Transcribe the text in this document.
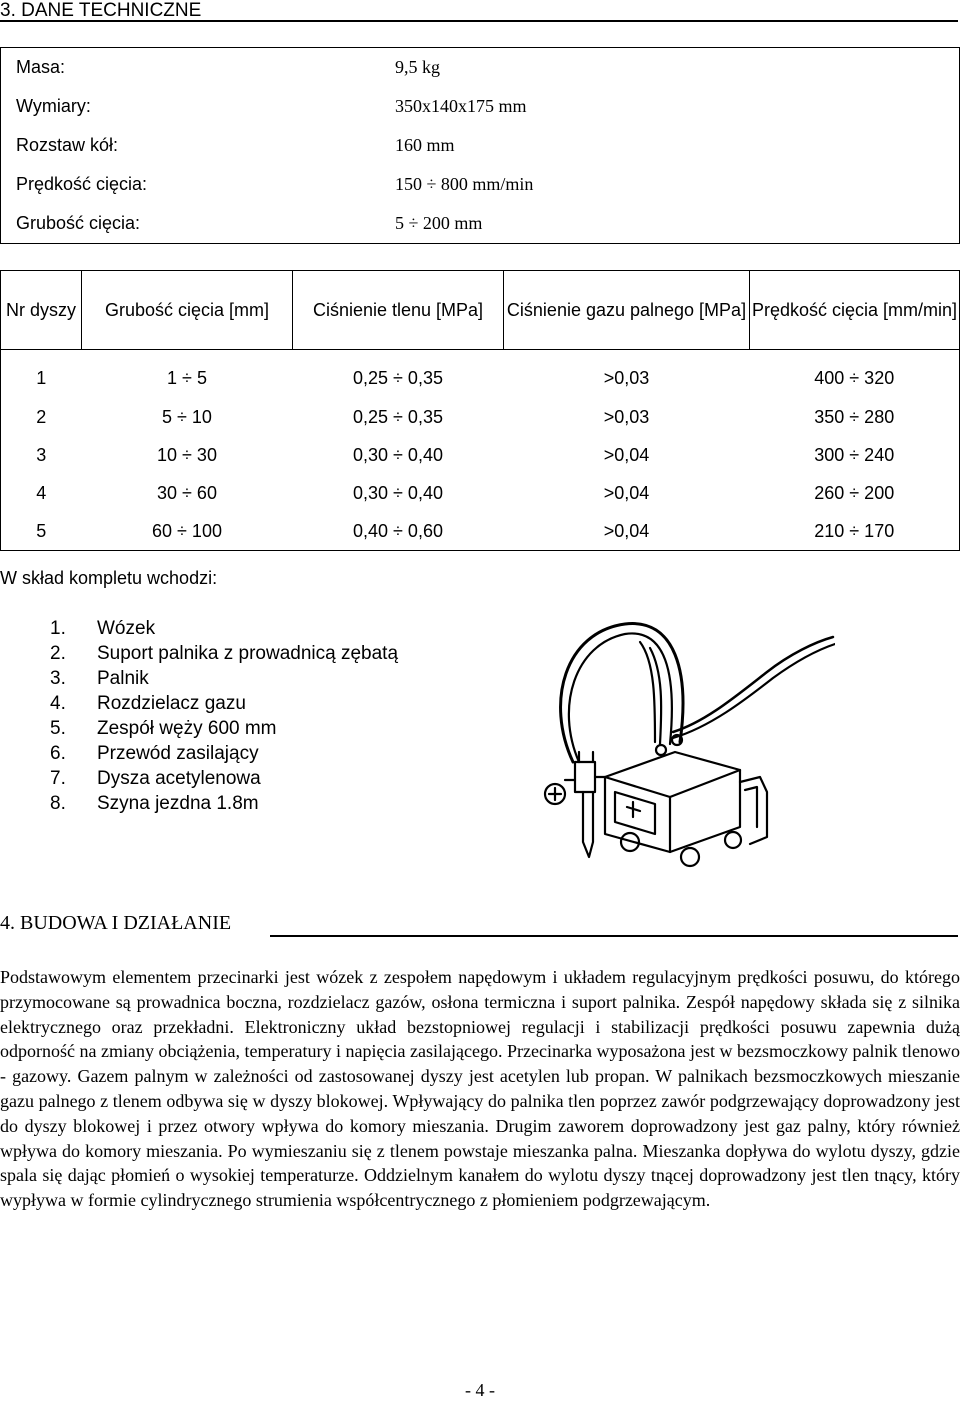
3. DANE TECHNICZNE
Masa:	9,5 kg
Wymiary:	350x140x175 mm
Rozstaw kół:	160 mm
Prędkość cięcia:	150 ÷ 800 mm/min
Grubość cięcia:	5 ÷ 200 mm
Nr dyszy	Grubość cięcia [mm]	Ciśnienie tlenu [MPa]	Ciśnienie gazu palnego [MPa]	Prędkość cięcia [mm/min]
1	1 ÷ 5	0,25 ÷ 0,35	>0,03	400 ÷ 320
2	5 ÷ 10	0,25 ÷ 0,35	>0,03	350 ÷ 280
3	10 ÷ 30	0,30 ÷ 0,40	>0,04	300 ÷ 240
4	30 ÷ 60	0,30 ÷ 0,40	>0,04	260 ÷ 200
5	60 ÷ 100	0,40 ÷ 0,60	>0,04	210 ÷ 170
W skład kompletu wchodzi:
1. Wózek
2. Suport palnika z prowadnicą zębatą
3. Palnik
4. Rozdzielacz gazu
5. Zespół węży 600 mm
6. Przewód zasilający
7. Dysza acetylenowa
8. Szyna jezdna 1.8m
4. BUDOWA I DZIAŁANIE

Podstawowym elementem przecinarki jest wózek z zespołem napędowym i układem regulacyjnym prędkości posuwu, do którego przymocowane są prowadnica boczna, rozdzielacz gazów, osłona termiczna i suport palnika. Zespół napędowy składa się z silnika elektrycznego oraz przekładni. Elektroniczny układ bezstopniowej regulacji i stabilizacji prędkości posuwu zapewnia dużą odporność na zmiany obciążenia, temperatury i napięcia zasilającego. Przecinarka wyposażona jest w bezsmoczkowy palnik tlenowo - gazowy. Gazem palnym w zależności od zastosowanej dyszy jest acetylen lub propan. W palnikach bezsmoczkowych mieszanie gazu palnego z tlenem odbywa się w dyszy blokowej. Wpływający do palnika tlen poprzez zawór podgrzewający doprowadzony jest do dyszy blokowej i przez otwory wpływa do komory mieszania. Drugim zaworem doprowadzony jest gaz palny, który również wpływa do komory mieszania. Po wymieszaniu się z tlenem powstaje mieszanka palna. Mieszanka dopływa do wylotu dyszy, gdzie spala się dając płomień o wysokiej temperaturze. Oddzielnym kanałem do wylotu dyszy tnącej doprowadzony jest tlen tnący, który wypływa w formie cylindrycznego strumienia współcentrycznego z płomieniem podgrzewającym.

- 4 -
